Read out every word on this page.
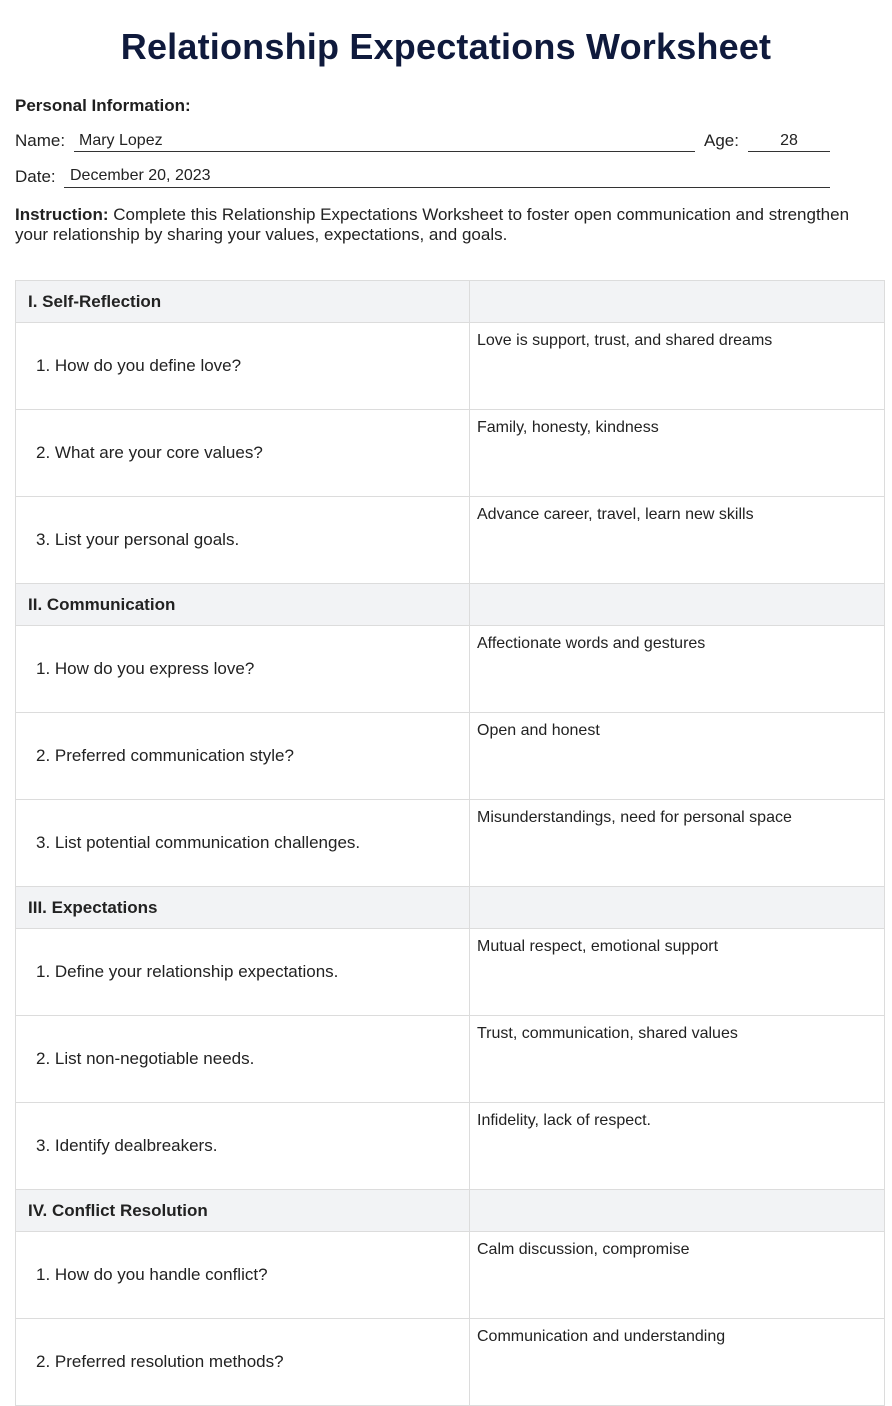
Relationship Expectations Worksheet
Personal Information:
Name: Mary Lopez	Age:	28
Date: December 20, 2023
Instruction: Complete this Relationship Expectations Worksheet to foster open communication and strengthen your relationship by sharing your values, expectations, and goals.
I. Self-Reflection	
1. How do you define love?	Love is support, trust, and shared dreams
2. What are your core values?	Family, honesty, kindness
3. List your personal goals.	Advance career, travel, learn new skills
II. Communication	
1. How do you express love?	Affectionate words and gestures
2. Preferred communication style?	Open and honest
3. List potential communication challenges.	Misunderstandings, need for personal space
III. Expectations	
1. Define your relationship expectations.	Mutual respect, emotional support
2. List non-negotiable needs.	Trust, communication, shared values
3. Identify dealbreakers.	Infidelity, lack of respect.
IV. Conflict Resolution	
1. How do you handle conflict?	Calm discussion, compromise
2. Preferred resolution methods?	Communication and understanding
